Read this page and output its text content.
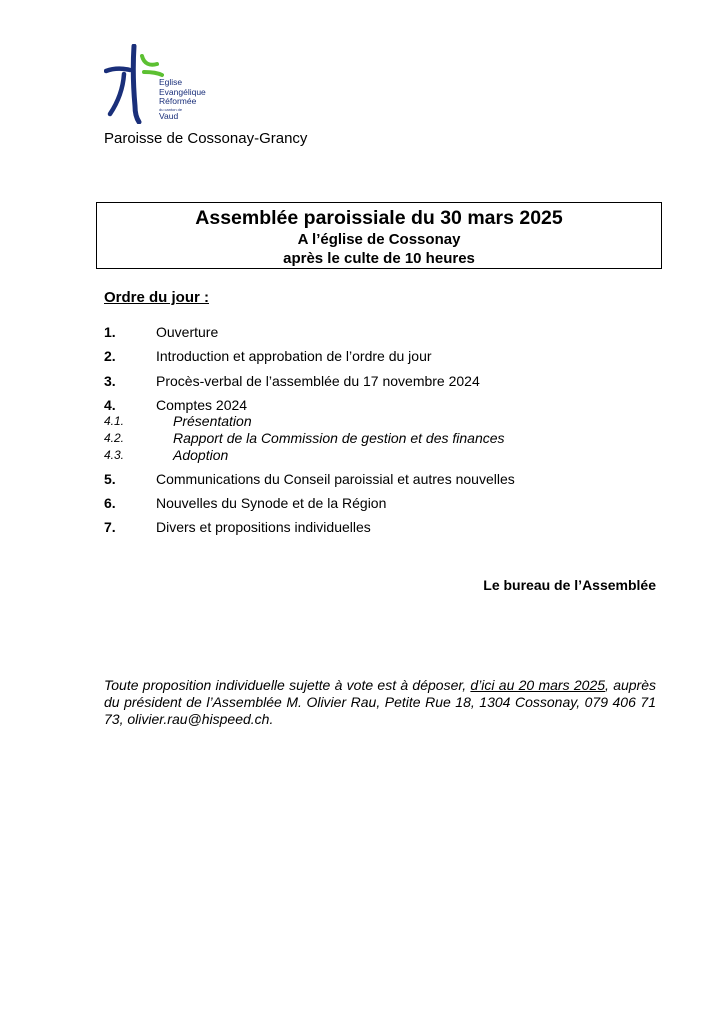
Eglise
Evangélique
Réformée
du canton de
Vaud
Paroisse de Cossonay-Grancy
Assemblée paroissiale du 30 mars 2025
A l’église de Cossonay
après le culte de 10 heures
Ordre du jour :
1.	Ouverture
2.	Introduction et approbation de l’ordre du jour
3.	Procès-verbal de l’assemblée du 17 novembre 2024
4.	Comptes 2024
4.1.	Présentation
4.2.	Rapport de la Commission de gestion et des finances
4.3.	Adoption
5.	Communications du Conseil paroissial et autres nouvelles
6.	Nouvelles du Synode et de la Région
7.	Divers et propositions individuelles
Le bureau de l’Assemblée
Toute proposition individuelle sujette à vote est à déposer, d’ici au 20 mars 2025, auprès du président de l’Assemblée M. Olivier Rau, Petite Rue 18, 1304 Cossonay, 079 406 71 73, olivier.rau@hispeed.ch.
